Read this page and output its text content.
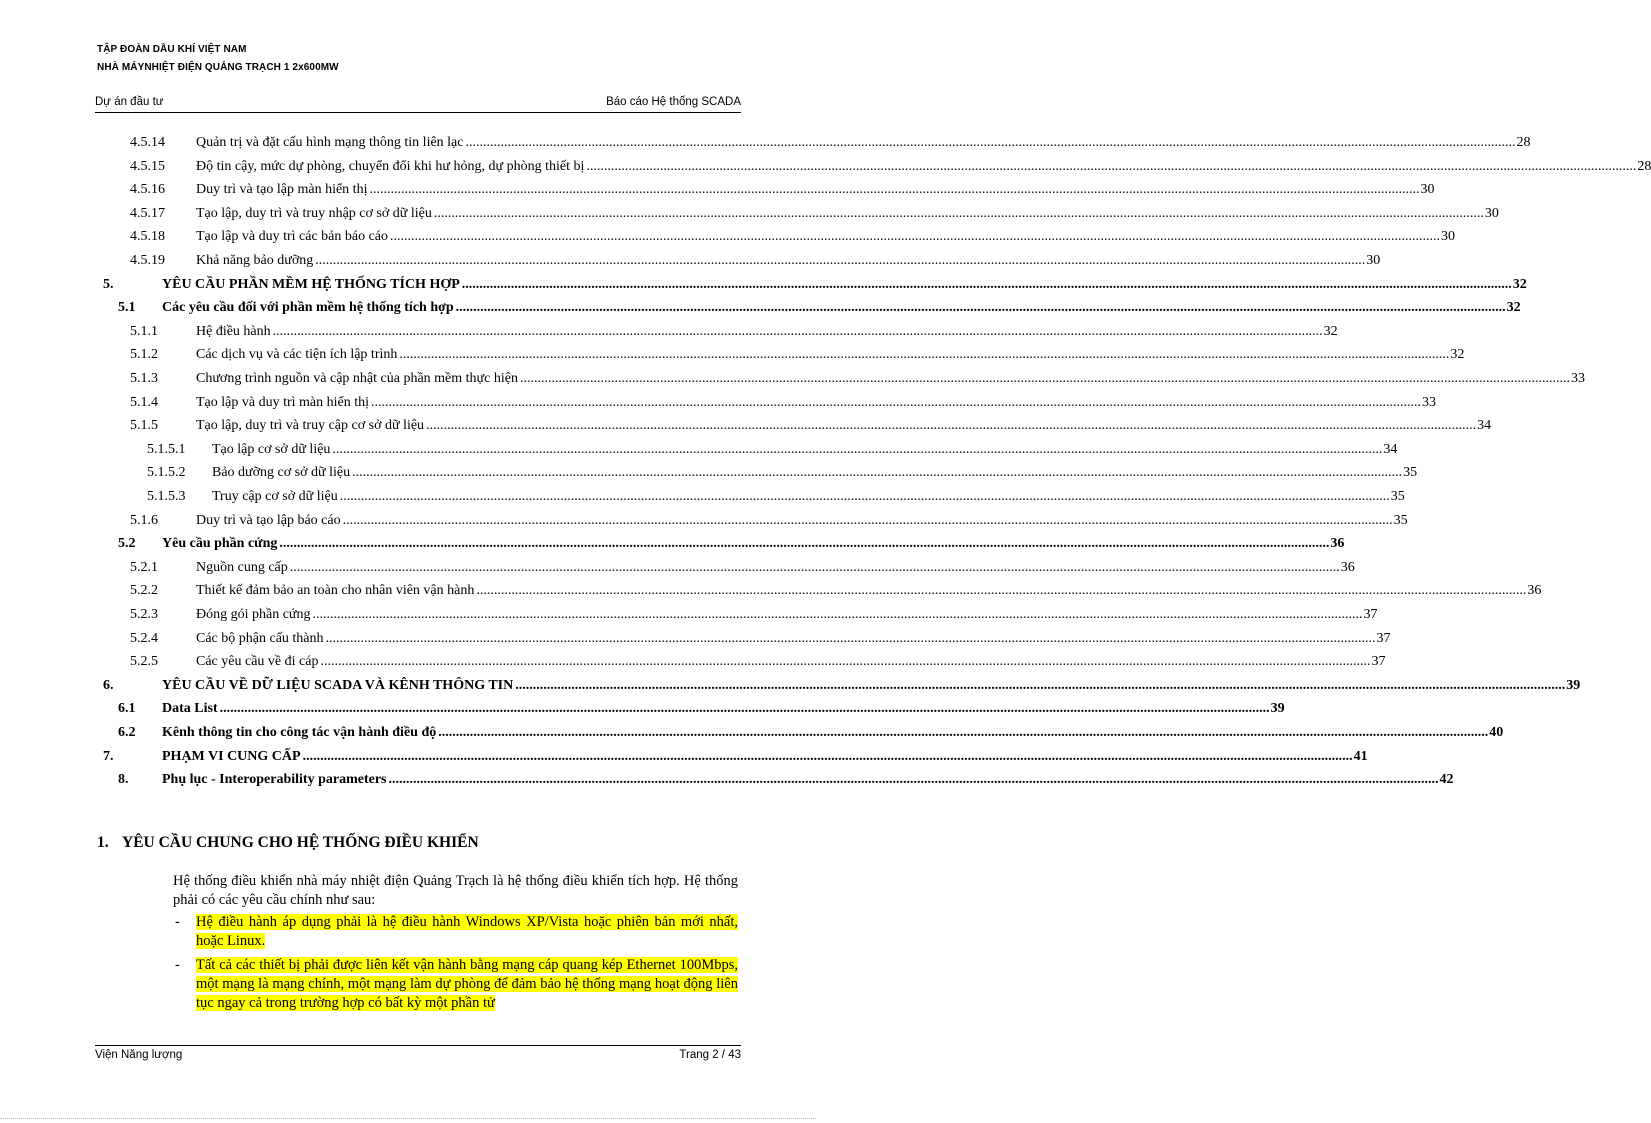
TẬP ĐOÀN DẦU KHÍ VIỆT NAM
NHÀ MÁYNHIỆT ĐIỆN QUẢNG TRẠCH 1 2x600MW
Dự án đầu tư	Báo cáo Hệ thống SCADA
4.5.14 Quản trị và đặt cấu hình mạng thông tin liên lạc ............................................................................................................................................................................................................................................................................................................ 28
4.5.15 Độ tin cậy, mức dự phòng, chuyển đổi khi hư hỏng, dự phòng thiết bị ............................................................................................................................................................................................................................................................................................................ 28
4.5.16 Duy trì và tạo lập màn hiển thị ............................................................................................................................................................................................................................................................................................................ 30
4.5.17 Tạo lập, duy trì và truy nhập cơ sở dữ liệu ............................................................................................................................................................................................................................................................................................................ 30
4.5.18 Tạo lập và duy trì các bản báo cáo ............................................................................................................................................................................................................................................................................................................ 30
4.5.19 Khả năng bảo dưỡng ............................................................................................................................................................................................................................................................................................................ 30
5.	YÊU CẦU PHẦN MỀM HỆ THỐNG TÍCH HỢP ............................................................................................................................................................................................................................................................................................................ 32
5.1 Các yêu cầu đối với phần mềm hệ thống tích hợp ............................................................................................................................................................................................................................................................................................................ 32
5.1.1	Hệ điều hành ............................................................................................................................................................................................................................................................................................................ 32
5.1.2	Các dịch vụ và các tiện ích lập trình ............................................................................................................................................................................................................................................................................................................ 32
5.1.3	Chương trình nguồn và cập nhật của phần mềm thực hiện ............................................................................................................................................................................................................................................................................................................ 33
5.1.4	Tạo lập và duy trì màn hiển thị ............................................................................................................................................................................................................................................................................................................ 33
5.1.5	Tạo lập, duy trì và truy cập cơ sở dữ liệu ............................................................................................................................................................................................................................................................................................................ 34
5.1.5.1 Tạo lập cơ sở dữ liệu ............................................................................................................................................................................................................................................................................................................ 34
5.1.5.2 Bảo dưỡng cơ sở dữ liệu ............................................................................................................................................................................................................................................................................................................ 35
5.1.5.3 Truy cập cơ sở dữ liệu ............................................................................................................................................................................................................................................................................................................ 35
5.1.6	Duy trì và tạo lập báo cáo ............................................................................................................................................................................................................................................................................................................ 35
5.2 Yêu cầu phần cứng ............................................................................................................................................................................................................................................................................................................ 36
5.2.1	Nguồn cung cấp ............................................................................................................................................................................................................................................................................................................ 36
5.2.2	Thiết kế đảm bảo an toàn cho nhân viên vận hành ............................................................................................................................................................................................................................................................................................................ 36
5.2.3	Đóng gói phần cứng ............................................................................................................................................................................................................................................................................................................ 37
5.2.4	Các bộ phận cấu thành ............................................................................................................................................................................................................................................................................................................ 37
5.2.5	Các yêu cầu về đi cáp ............................................................................................................................................................................................................................................................................................................ 37
6.	YÊU CẦU VỀ DỮ LIỆU SCADA VÀ KÊNH THÔNG TIN ............................................................................................................................................................................................................................................................................................................ 39
6.1 Data List ............................................................................................................................................................................................................................................................................................................ 39
6.2 Kênh thông tin cho công tác vận hành điều độ ............................................................................................................................................................................................................................................................................................................ 40
7.	PHẠM VI CUNG CẤP ............................................................................................................................................................................................................................................................................................................ 41
8. Phụ lục - Interoperability parameters ............................................................................................................................................................................................................................................................................................................ 42
1. YÊU CẦU CHUNG CHO HỆ THỐNG ĐIỀU KHIỂN
Hệ thống điều khiển nhà máy nhiệt điện Quảng Trạch là hệ thống điều khiển tích hợp. Hệ thống phải có các yêu cầu chính như sau:
- Hệ điều hành áp dụng phải là hệ điều hành Windows XP/Vista hoặc phiên bản mới nhất, hoặc Linux.
- Tất cả các thiết bị phải được liên kết vận hành bằng mạng cáp quang kép Ethernet 100Mbps, một mạng là mạng chính, một mạng làm dự phòng để đảm bảo hệ thống mạng hoạt động liên tục ngay cả trong trường hợp có bất kỳ một phần tử
Viện Năng lượng	Trang 2 / 43
